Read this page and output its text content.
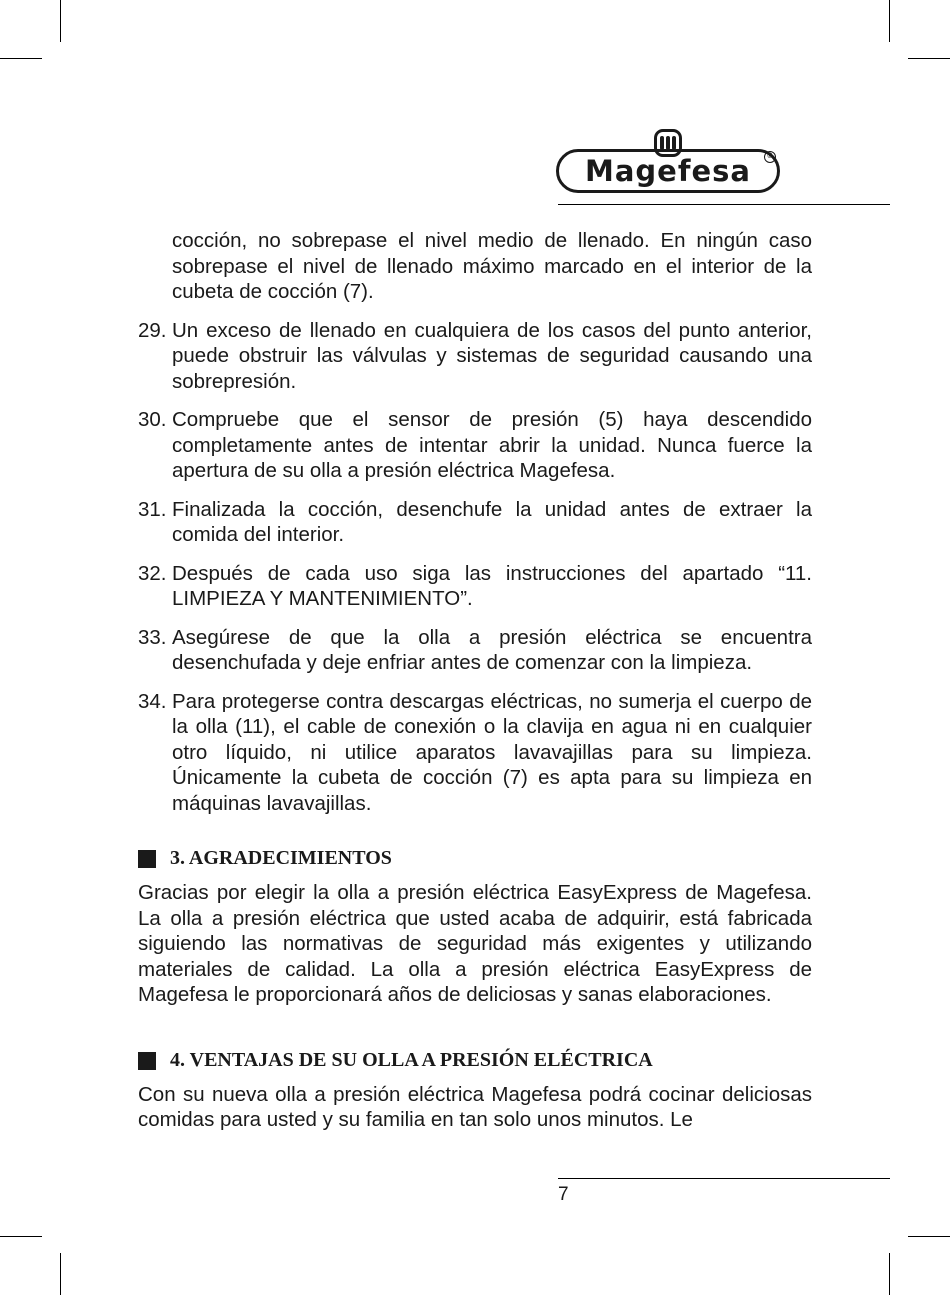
Magefesa	®
cocción, no sobrepase el nivel medio de llenado. En ningún caso sobrepase el nivel de llenado máximo marcado en el interior de la cubeta de cocción (7).
29. Un exceso de llenado en cualquiera de los casos del punto anterior, puede obstruir las válvulas y sistemas de seguridad causando una sobrepresión.
30. Compruebe que el sensor de presión (5) haya descendido completamente antes de intentar abrir la unidad. Nunca fuerce la apertura de su olla a presión eléctrica Magefesa.
31. Finalizada la cocción, desenchufe la unidad antes de extraer la comida del interior.
32. Después de cada uso siga las instrucciones del apartado “11. LIMPIEZA Y MANTENIMIENTO”.
33. Asegúrese de que la olla a presión eléctrica se encuentra desenchufada y deje enfriar antes de comenzar con la limpieza.
34. Para protegerse contra descargas eléctricas, no sumerja el cuerpo de la olla (11), el cable de conexión o la clavija en agua ni en cualquier otro líquido, ni utilice aparatos lavavajillas para su limpieza. Únicamente la cubeta de cocción (7) es apta para su limpieza en máquinas lavavajillas.
3. AGRADECIMIENTOS

Gracias por elegir la olla a presión eléctrica EasyExpress de Magefesa. La olla a presión eléctrica que usted acaba de adquirir, está fabricada siguiendo las normativas de seguridad más exigentes y utilizando materiales de calidad. La olla a presión eléctrica EasyExpress de Magefesa le proporcionará años de deliciosas y sanas elaboraciones.

4. VENTAJAS DE SU OLLA A PRESIÓN ELÉCTRICA

Con su nueva olla a presión eléctrica Magefesa podrá cocinar deliciosas comidas para usted y su familia en tan solo unos minutos. Le

7
